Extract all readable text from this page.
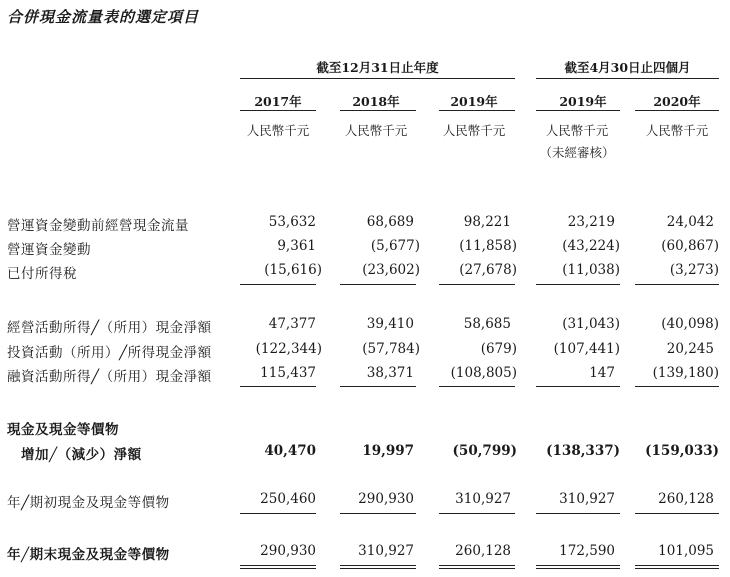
合併現金流量表的選定項目
截至12月31日止年度	截至4月30日止四個月
2017年	2018年	2019年	2019年	2020年
人民幣千元	人民幣千元	人民幣千元	人民幣千元	人民幣千元
（未經審核）
營運資金變動前經營現金流量	53,632	68,689	98,221	23,219	24,042
營運資金變動	9,361	(5,677)	(11,858)	(43,224)	(60,867)
已付所得稅	(15,616)	(23,602)	(27,678)	(11,038)	(3,273)
經營活動所得╱（所用）現金淨額	47,377	39,410	58,685	(31,043)	(40,098)
投資活動（所用）╱所得現金淨額	(122,344)	(57,784)	(679)	(107,441)	20,245
融資活動所得╱（所用）現金淨額	115,437	38,371	(108,805)	147	(139,180)
現金及現金等價物
增加╱（減少）淨額	40,470	19,997	(50,799)	(138,337)	(159,033)
年╱期初現金及現金等價物	250,460	290,930	310,927	310,927	260,128
年╱期末現金及現金等價物	290,930	310,927	260,128	172,590	101,095
